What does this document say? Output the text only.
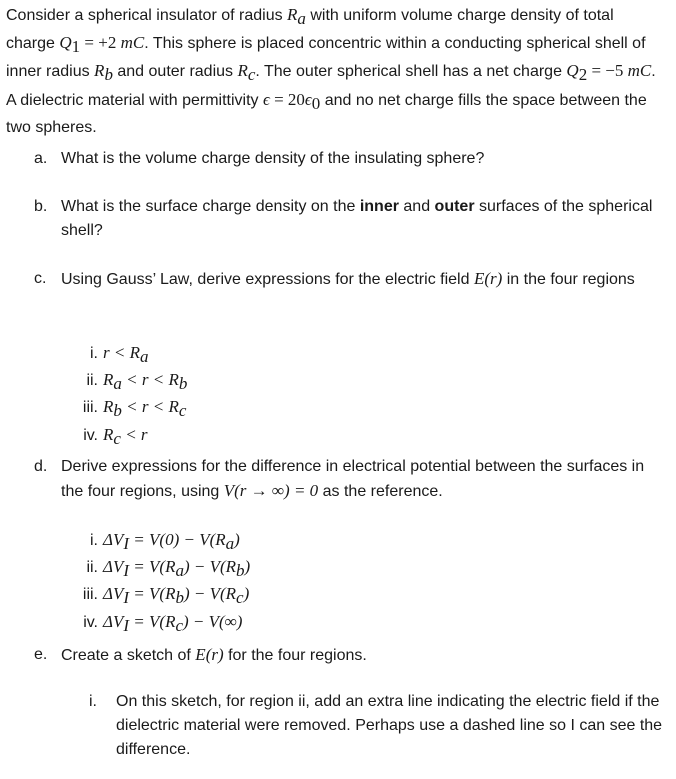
Consider a spherical insulator of radius $R_a$ with uniform volume charge density of total charge $Q_1 = +2$ mC. This sphere is placed concentric within a conducting spherical shell of inner radius $R_b$ and outer radius $R_c$. The outer spherical shell has a net charge $Q_2 = -5$ mC. A dielectric material with permittivity $\epsilon = 20\epsilon_0$ and no net charge fills the space between the two spheres.
a. What is the volume charge density of the insulating sphere?
b. What is the surface charge density on the inner and outer surfaces of the spherical shell?
c. Using Gauss’ Law, derive expressions for the electric field E(r) in the four regions
i. $r < R_a$
ii. $R_a < r < R_b$
iii. $R_b < r < R_c$
iv. $R_c < r$
d. Derive expressions for the difference in electrical potential between the surfaces in the four regions, using V(r → ∞) = 0 as the reference.
i. $\Delta V_I = V(0) - V(R_a)$
ii. $\Delta V_I = V(R_a) - V(R_b)$
iii. $\Delta V_I = V(R_b) - V(R_c)$
iv. $\Delta V_I = V(R_c) - V(\infty)$
e. Create a sketch of E(r) for the four regions.
i. On this sketch, for region ii, add an extra line indicating the electric field if the dielectric material were removed. Perhaps use a dashed line so I can see the difference.
